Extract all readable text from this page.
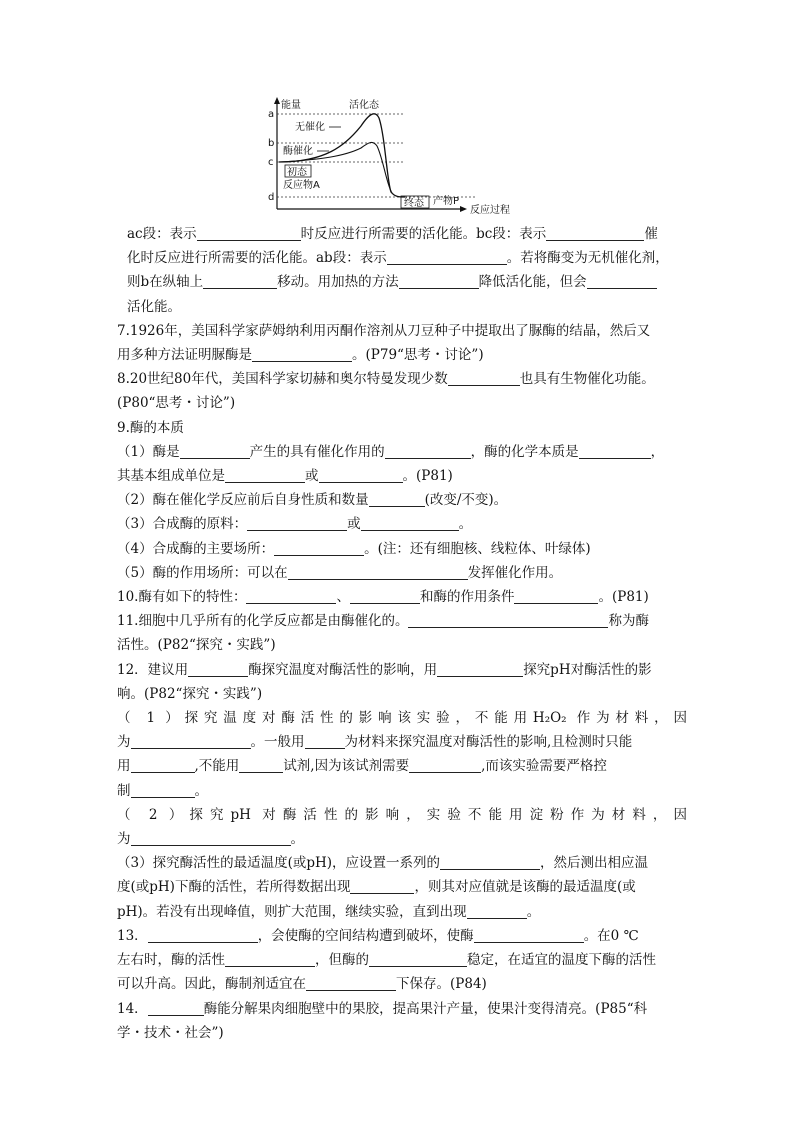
a
b
c
d
能量	活化态
无催化
酶催化
初态
反应物A
终态 产物P
反应过程
ac段：表示	时反应进行所需要的活化能。bc段：表示	催
化时反应进行所需要的活化能。ab段：表示	。若将酶变为无机催化剂，
则b在纵轴上	移动。用加热的方法	降低活化能，但会
活化能。
7.1926年，美国科学家萨姆纳利用丙酮作溶剂从刀豆种子中提取出了脲酶的结晶，然后又
用多种方法证明脲酶是	。(P79“思考・讨论”)
8.20世纪80年代，美国科学家切赫和奥尔特曼发现少数	也具有生物催化功能。
(P80“思考・讨论”)
9.酶的本质
（1）酶是	产生的具有催化作用的	，酶的化学本质是	，
其基本组成单位是	或	。(P81)
（2）酶在催化学反应前后自身性质和数量	(改变/不变)。
（3）合成酶的原料：	或	。
（4）合成酶的主要场所：	。(注：还有细胞核、线粒体、叶绿体)
（5）酶的作用场所：可以在	发挥催化作用。
10.酶有如下的特性：	、	和酶的作用条件	。(P81)
11.细胞中几乎所有的化学反应都是由酶催化的。	称为酶
活性。(P82“探究・实践”)
12．建议用	酶探究温度对酶活性的影响，用	探究pH对酶活性的影
响。(P82“探究・实践”)
（ 1 ）探究温度对酶活性的影响该实验，不能用H₂O₂ 作为材料，因
为	。一般用	为材料来探究温度对酶活性的影响,且检测时只能
用	,不能用	试剂,因为该试剂需要	,而该实验需要严格控
制	。
（ 2 ）探究pH 对酶活性的影响，实验不能用淀粉作为材料，因
为	。
（3）探究酶活性的最适温度(或pH)，应设置一系列的	，然后测出相应温
度(或pH)下酶的活性，若所得数据出现	，则其对应值就是该酶的最适温度(或
pH)。若没有出现峰值，则扩大范围，继续实验，直到出现	。
13．	，会使酶的空间结构遭到破坏，使酶	。在0 ℃
左右时，酶的活性	，但酶的	稳定，在适宜的温度下酶的活性
可以升高。因此，酶制剂适宜在	下保存。(P84)
14．	酶能分解果肉细胞壁中的果胶，提高果汁产量，使果汁变得清亮。(P85“科
学・技术・社会”)
